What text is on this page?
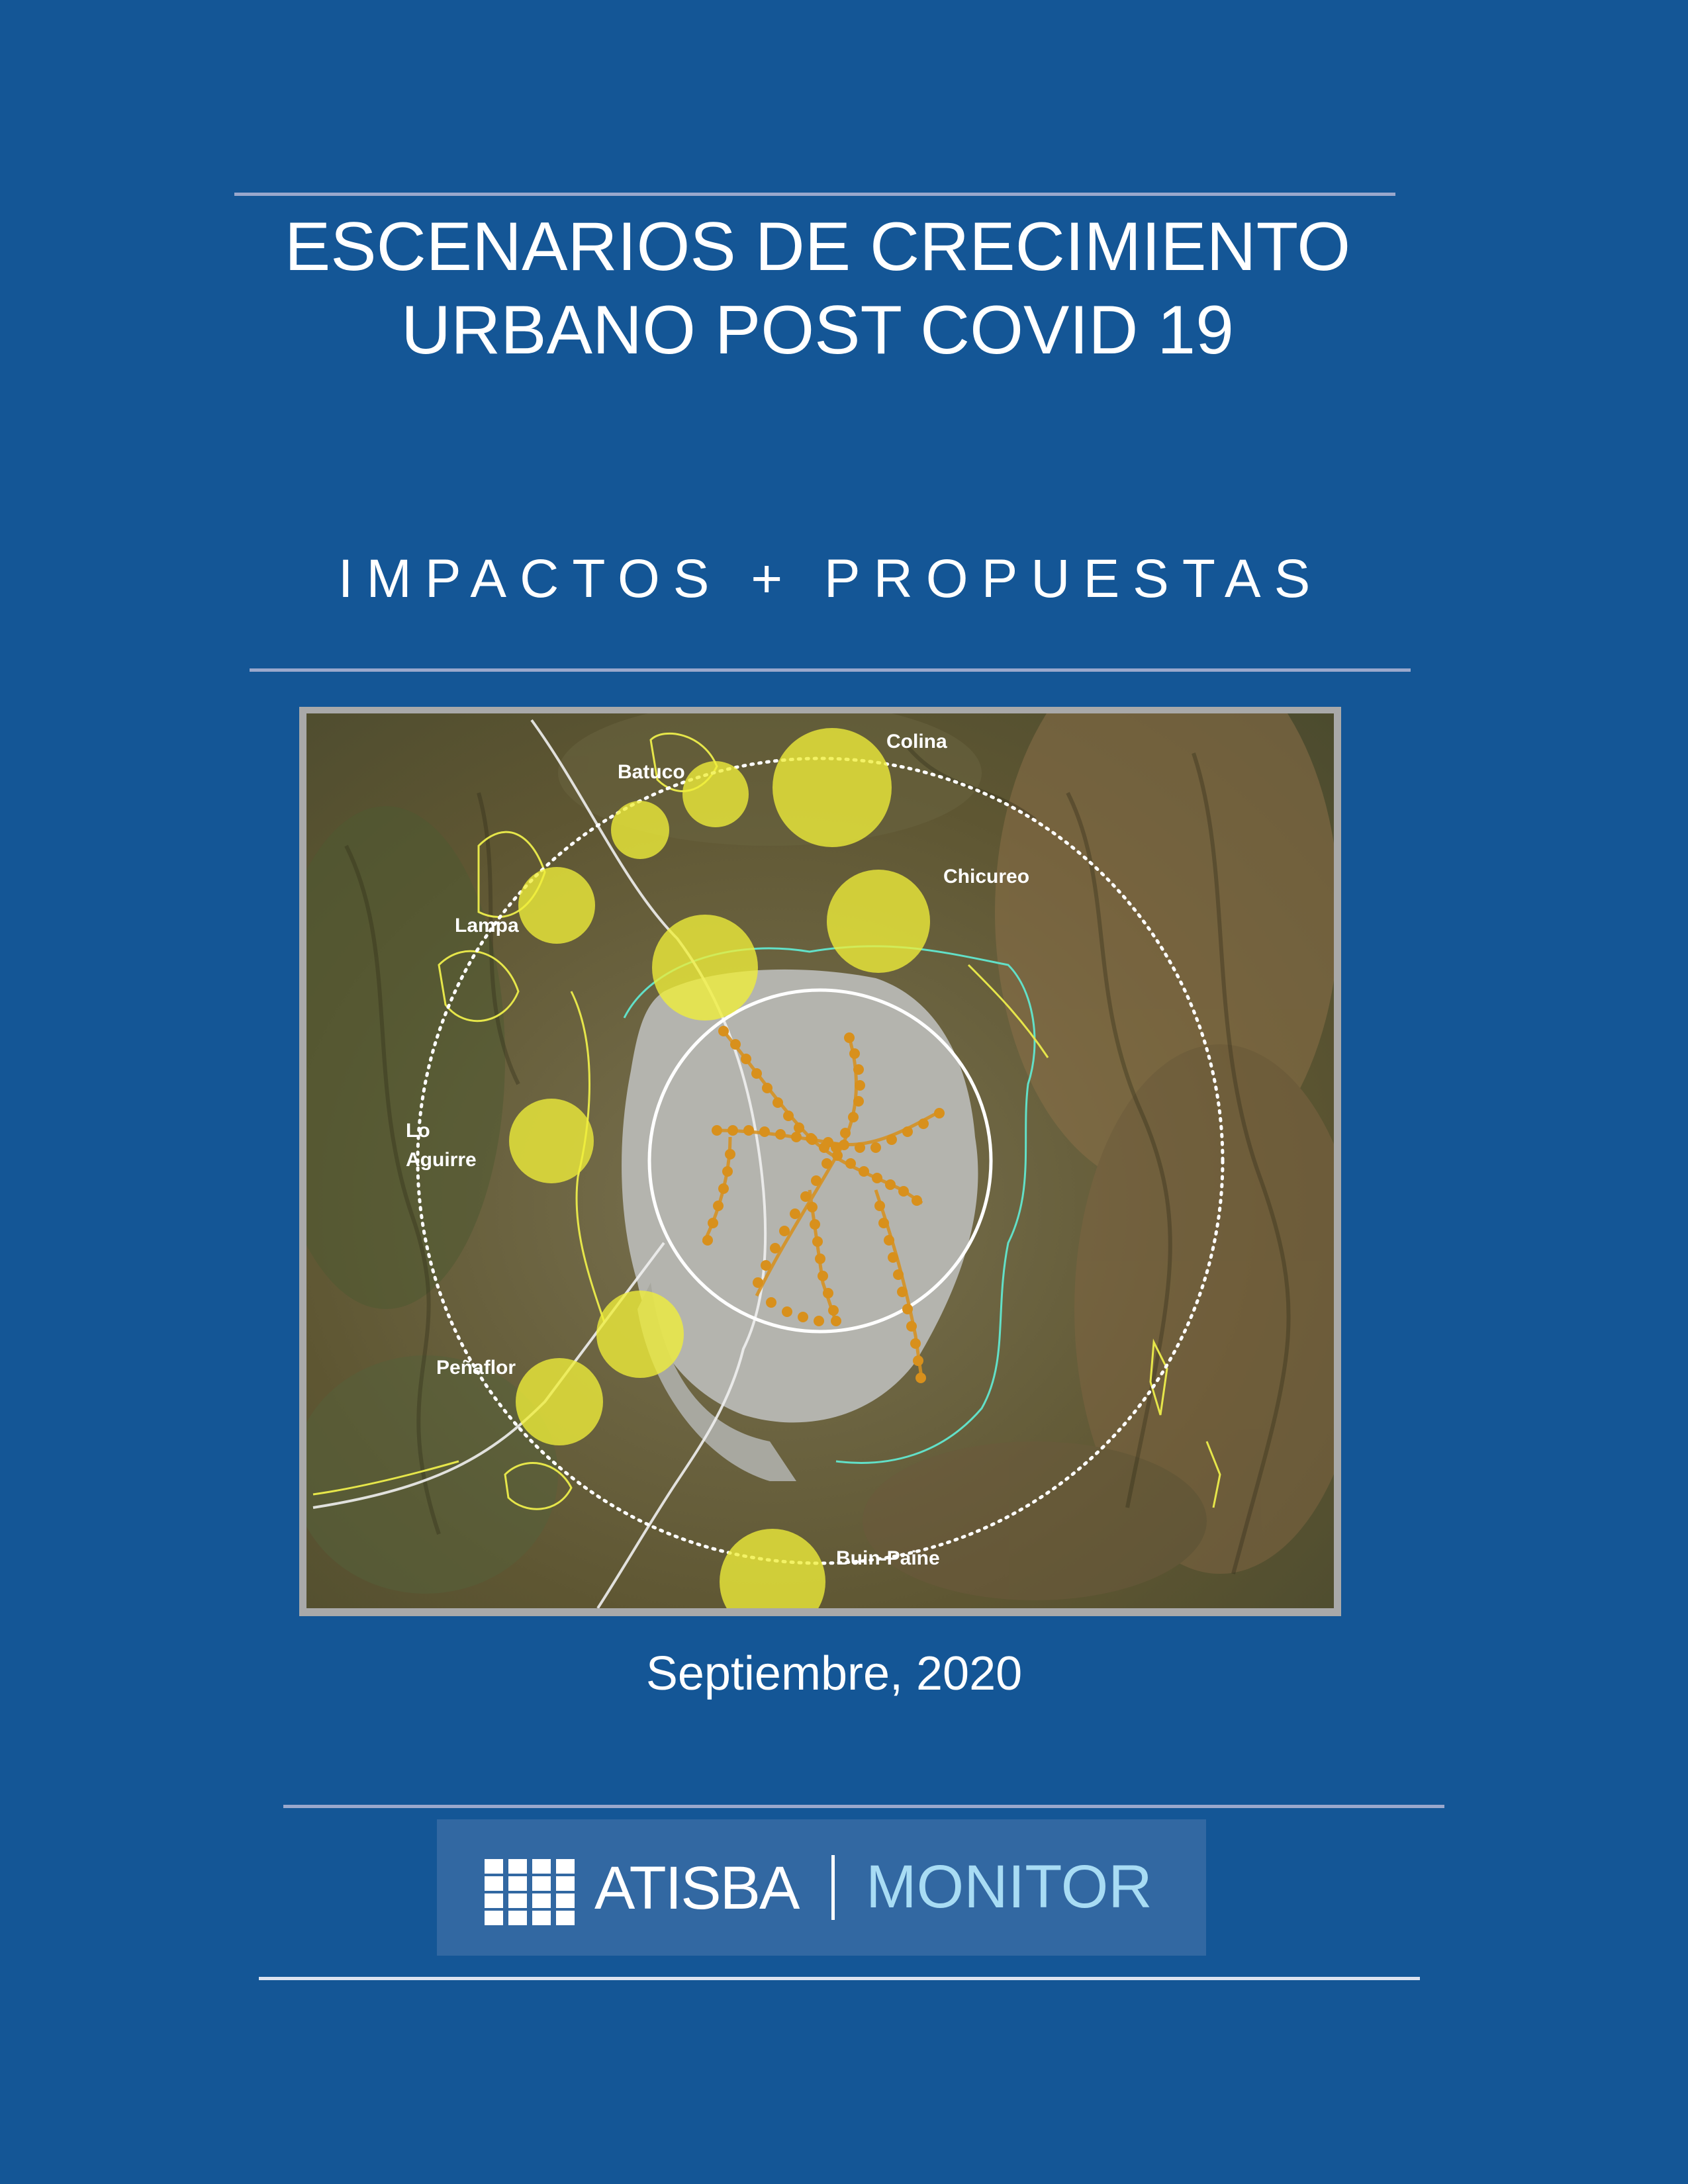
ESCENARIOS DE CRECIMIENTO
URBANO POST COVID 19
IMPACTOS + PROPUESTAS
Colina
Batuco
Chicureo
Lampa
Lo
Aguirre
Peñaflor
Buin-Paine
Septiembre, 2020
ATISBA MONITOR
